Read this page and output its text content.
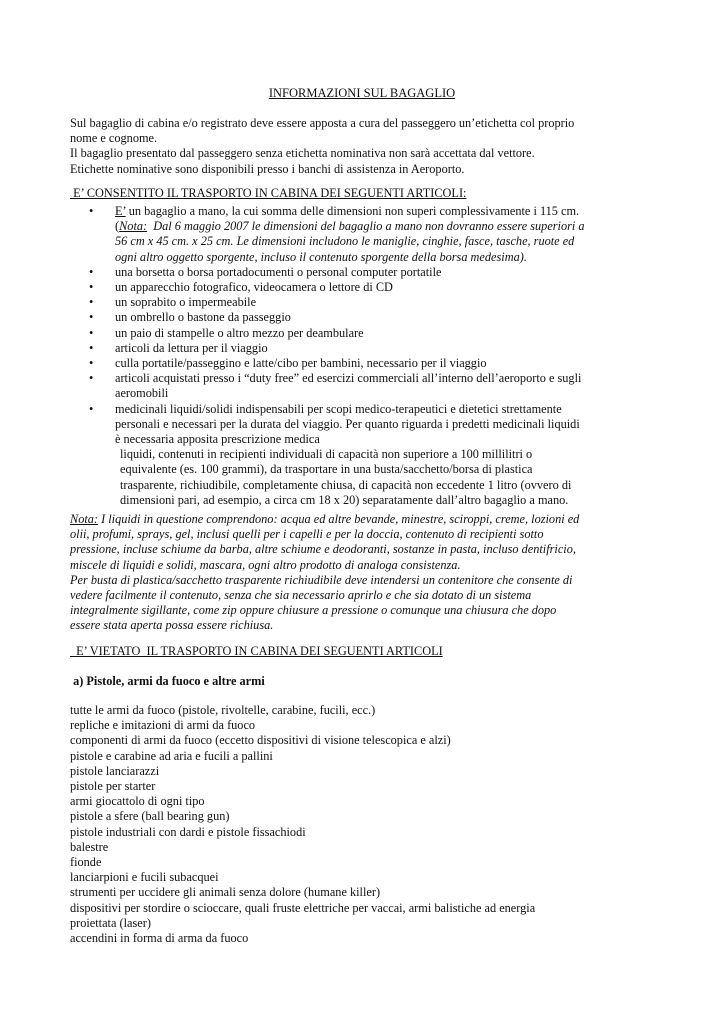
INFORMAZIONI SUL BAGAGLIO
Sul bagaglio di cabina e/o registrato deve essere apposta a cura del passeggero un’etichetta col proprio
nome e cognome.
Il bagaglio presentato dal passeggero senza etichetta nominativa non sarà accettata dal vettore.
Etichette nominative sono disponibili presso i banchi di assistenza in Aeroporto.
E’ CONSENTITO IL TRASPORTO IN CABINA DEI SEGUENTI ARTICOLI:
• E’ un bagaglio a mano, la cui somma delle dimensioni non superi complessivamente i 115 cm.
(Nota:  Dal 6 maggio 2007 le dimensioni del bagaglio a mano non dovranno essere superiori a
56 cm x 45 cm. x 25 cm. Le dimensioni includono le maniglie, cinghie, fasce, tasche, ruote ed
ogni altro oggetto sporgente, incluso il contenuto sporgente della borsa medesima).
• una borsetta o borsa portadocumenti o personal computer portatile
• un apparecchio fotografico, videocamera o lettore di CD
• un soprabito o impermeabile
• un ombrello o bastone da passeggio
• un paio di stampelle o altro mezzo per deambulare
• articoli da lettura per il viaggio
• culla portatile/passeggino e latte/cibo per bambini, necessario per il viaggio
• articoli acquistati presso i “duty free” ed esercizi commerciali all’interno dell’aeroporto e sugli
aeromobili
• medicinali liquidi/solidi indispensabili per scopi medico-terapeutici e dietetici strettamente
personali e necessari per la durata del viaggio. Per quanto riguarda i predetti medicinali liquidi
è necessaria apposita prescrizione medica
liquidi, contenuti in recipienti individuali di capacità non superiore a 100 millilitri o
equivalente (es. 100 grammi), da trasportare in una busta/sacchetto/borsa di plastica
trasparente, richiudibile, completamente chiusa, di capacità non eccedente 1 litro (ovvero di
dimensioni pari, ad esempio, a circa cm 18 x 20) separatamente dall’altro bagaglio a mano.
Nota: I liquidi in questione comprendono: acqua ed altre bevande, minestre, sciroppi, creme, lozioni ed
olii, profumi, sprays, gel, inclusi quelli per i capelli e per la doccia, contenuto di recipienti sotto
pressione, incluse schiume da barba, altre schiume e deodoranti, sostanze in pasta, incluso dentifricio,
miscele di liquidi e solidi, mascara, ogni altro prodotto di analoga consistenza.
Per busta di plastica/sacchetto trasparente richiudibile deve intendersi un contenitore che consente di
vedere facilmente il contenuto, senza che sia necessario aprirlo e che sia dotato di un sistema
integralmente sigillante, come zip oppure chiusure a pressione o comunque una chiusura che dopo
essere stata aperta possa essere richiusa.
E’ VIETATO  IL TRASPORTO IN CABINA DEI SEGUENTI ARTICOLI
a) Pistole, armi da fuoco e altre armi
tutte le armi da fuoco (pistole, rivoltelle, carabine, fucili, ecc.)
repliche e imitazioni di armi da fuoco
componenti di armi da fuoco (eccetto dispositivi di visione telescopica e alzi)
pistole e carabine ad aria e fucili a pallini
pistole lanciarazzi
pistole per starter
armi giocattolo di ogni tipo
pistole a sfere (ball bearing gun)
pistole industriali con dardi e pistole fissachiodi
balestre
fionde
lanciarpioni e fucili subacquei
strumenti per uccidere gli animali senza dolore (humane killer)
dispositivi per stordire o scioccare, quali fruste elettriche per vaccai, armi balistiche ad energia
proiettata (laser)
accendini in forma di arma da fuoco
